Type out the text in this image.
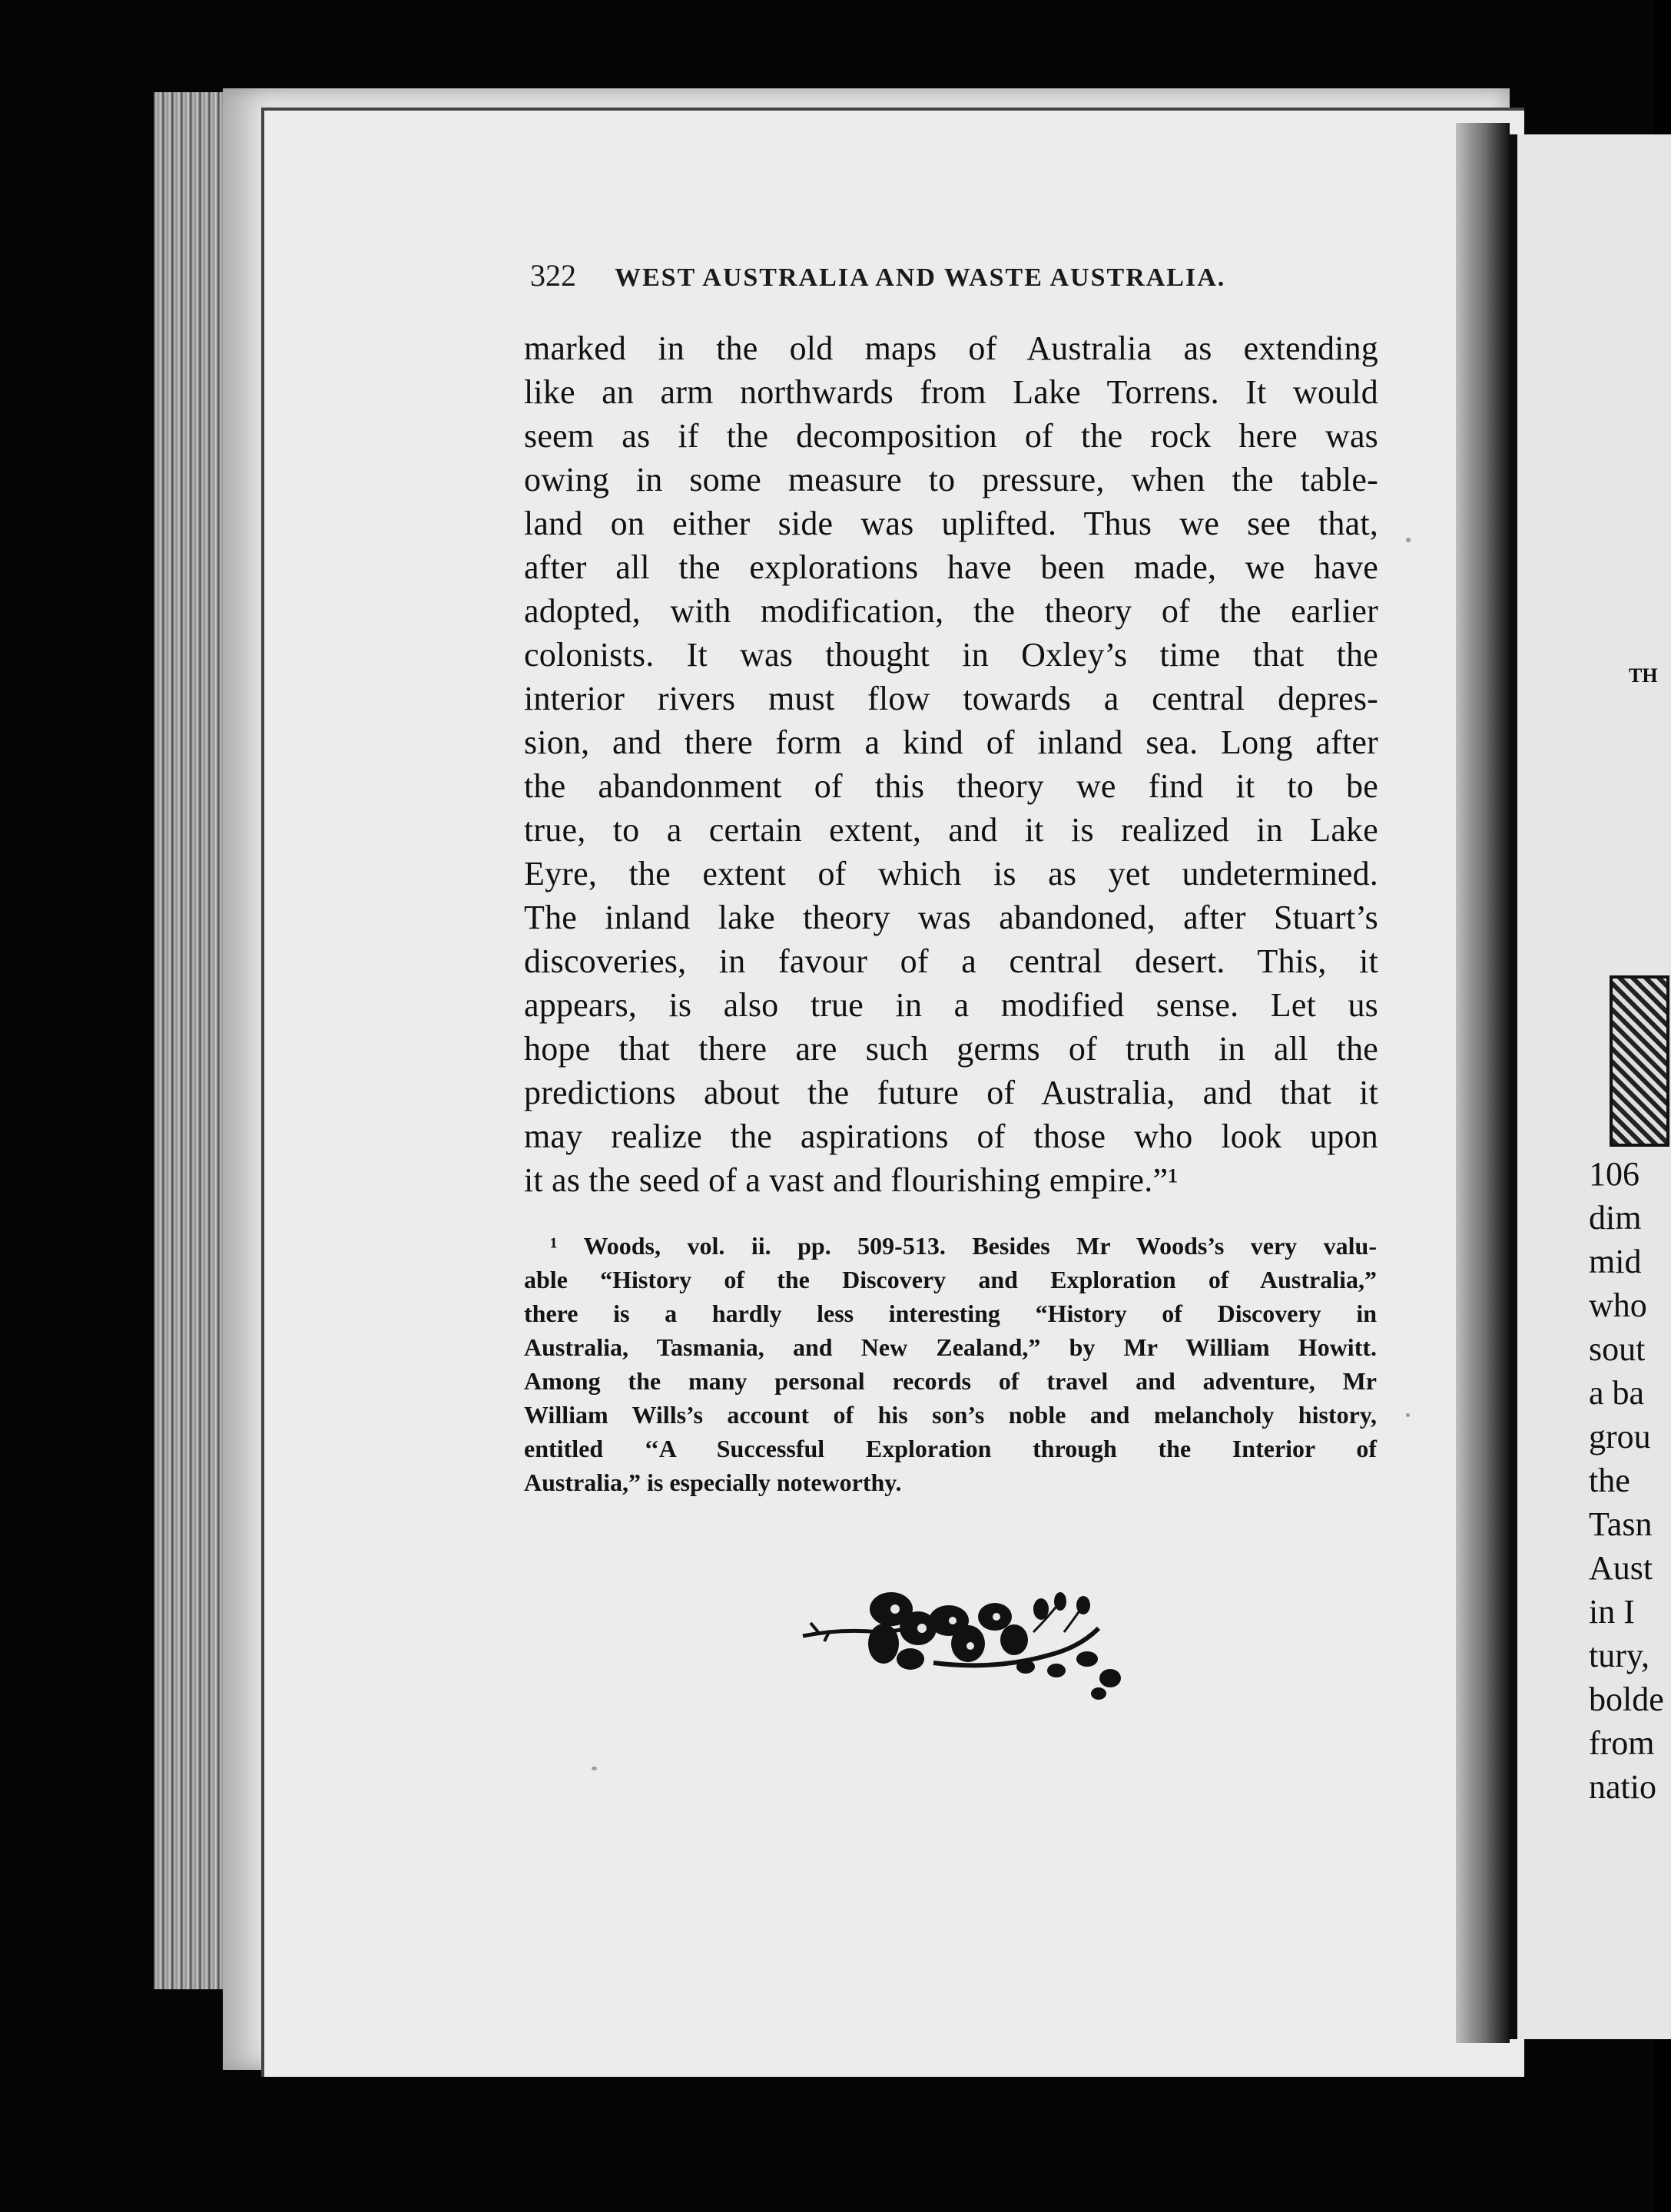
322 WEST AUSTRALIA AND WASTE AUSTRALIA.
marked in the old maps of Australia as extending
like an arm northwards from Lake Torrens. It would
seem as if the decomposition of the rock here was
owing in some measure to pressure, when the table-
land on either side was uplifted. Thus we see that,
after all the explorations have been made, we have
adopted, with modification, the theory of the earlier
colonists. It was thought in Oxley’s time that the
interior rivers must flow towards a central depres-
sion, and there form a kind of inland sea. Long after
the abandonment of this theory we find it to be
true, to a certain extent, and it is realized in Lake
Eyre, the extent of which is as yet undetermined.
The inland lake theory was abandoned, after Stuart’s
discoveries, in favour of a central desert. This, it
appears, is also true in a modified sense. Let us
hope that there are such germs of truth in all the
predictions about the future of Australia, and that it
may realize the aspirations of those who look upon
it as the seed of a vast and flourishing empire.”¹
¹ Woods, vol. ii. pp. 509-513. Besides Mr Woods’s very valu-
able “History of the Discovery and Exploration of Australia,”
there is a hardly less interesting “History of Discovery in
Australia, Tasmania, and New Zealand,” by Mr William Howitt.
Among the many personal records of travel and adventure, Mr
William Wills’s account of his son’s noble and melancholy history,
entitled ‘‘A Successful Exploration through the Interior of
Australia,” is especially noteworthy.
TH
106
dim
mid
who
sout
a ba
grou
the
Tasn
Aust
in I
tury,
bolde
from
natio
